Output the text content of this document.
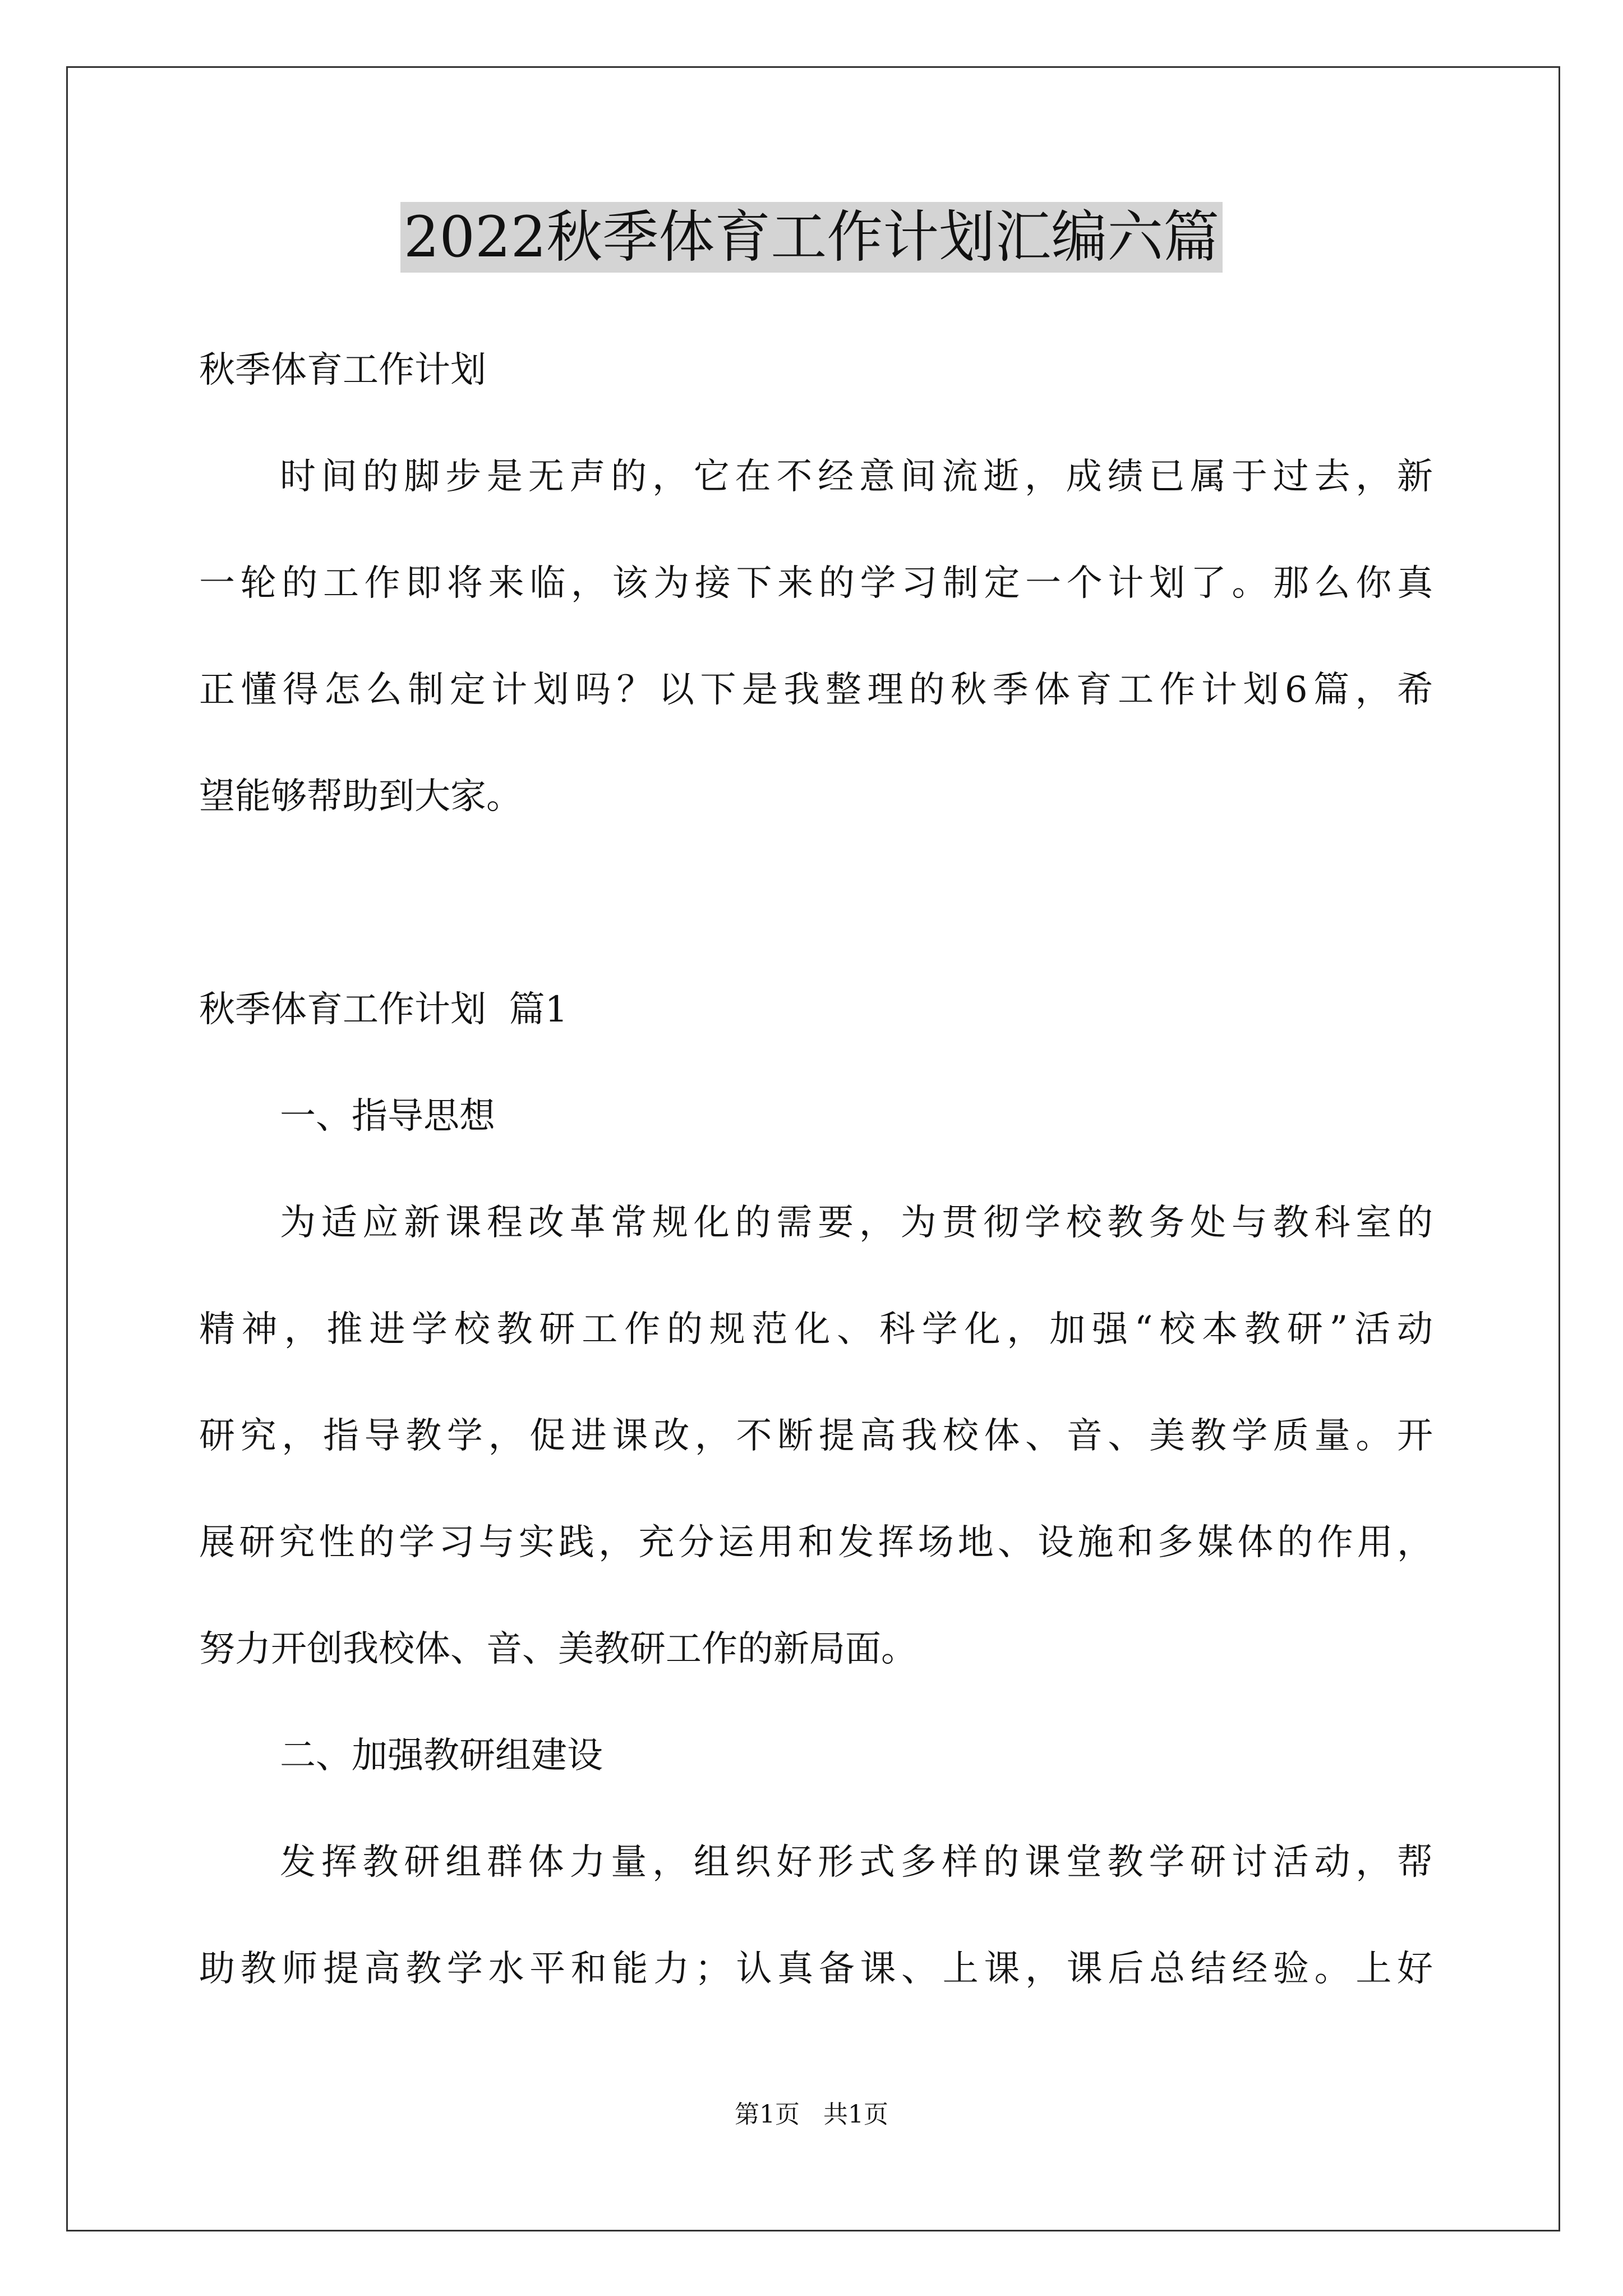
2022秋季体育工作计划汇编六篇
秋季体育工作计划
时间的脚步是无声的，它在不经意间流逝，成绩已属于过去，新
一轮的工作即将来临，该为接下来的学习制定一个计划了。那么你真
正懂得怎么制定计划吗？以下是我整理的秋季体育工作计划6篇，希
望能够帮助到大家。
秋季体育工作计划  篇1
一、指导思想
为适应新课程改革常规化的需要，为贯彻学校教务处与教科室的
精神，推进学校教研工作的规范化、科学化，加强“校本教研”活动
研究，指导教学，促进课改，不断提高我校体、音、美教学质量。开
展研究性的学习与实践，充分运用和发挥场地、设施和多媒体的作用，
努力开创我校体、音、美教研工作的新局面。
二、加强教研组建设
发挥教研组群体力量，组织好形式多样的课堂教学研讨活动，帮
助教师提高教学水平和能力；认真备课、上课，课后总结经验。上好
第1页   共1页
